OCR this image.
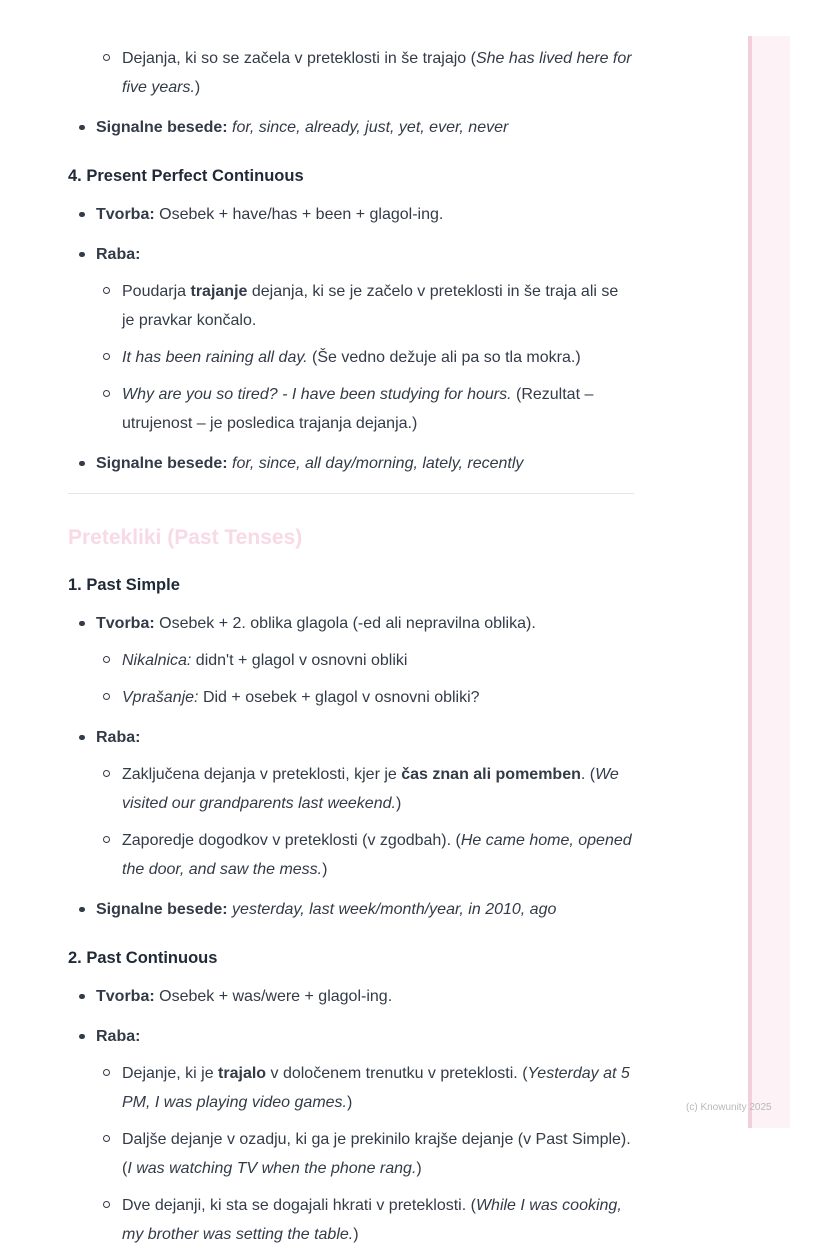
Dejanja, ki so se začela v preteklosti in še trajajo (She has lived here for five years.)
Signalne besede: for, since, already, just, yet, ever, never
4. Present Perfect Continuous
Tvorba: Osebek + have/has + been + glagol-ing.
Raba:
Poudarja trajanje dejanja, ki se je začelo v preteklosti in še traja ali se je pravkar končalo.
It has been raining all day. (Še vedno dežuje ali pa so tla mokra.)
Why are you so tired? - I have been studying for hours. (Rezultat – utrujenost – je posledica trajanja dejanja.)
Signalne besede: for, since, all day/morning, lately, recently
Pretekliki (Past Tenses)
1. Past Simple
Tvorba: Osebek + 2. oblika glagola (-ed ali nepravilna oblika).
Nikalnica: didn't + glagol v osnovni obliki
Vprašanje: Did + osebek + glagol v osnovni obliki?
Raba:
Zaključena dejanja v preteklosti, kjer je čas znan ali pomemben. (We visited our grandparents last weekend.)
Zaporedje dogodkov v preteklosti (v zgodbah). (He came home, opened the door, and saw the mess.)
Signalne besede: yesterday, last week/month/year, in 2010, ago
2. Past Continuous
Tvorba: Osebek + was/were + glagol-ing.
Raba:
Dejanje, ki je trajalo v določenem trenutku v preteklosti. (Yesterday at 5 PM, I was playing video games.)
Daljše dejanje v ozadju, ki ga je prekinilo krajše dejanje (v Past Simple). (I was watching TV when the phone rang.)
Dve dejanji, ki sta se dogajali hkrati v preteklosti. (While I was cooking, my brother was setting the table.)
(c) Knowunity 2025
